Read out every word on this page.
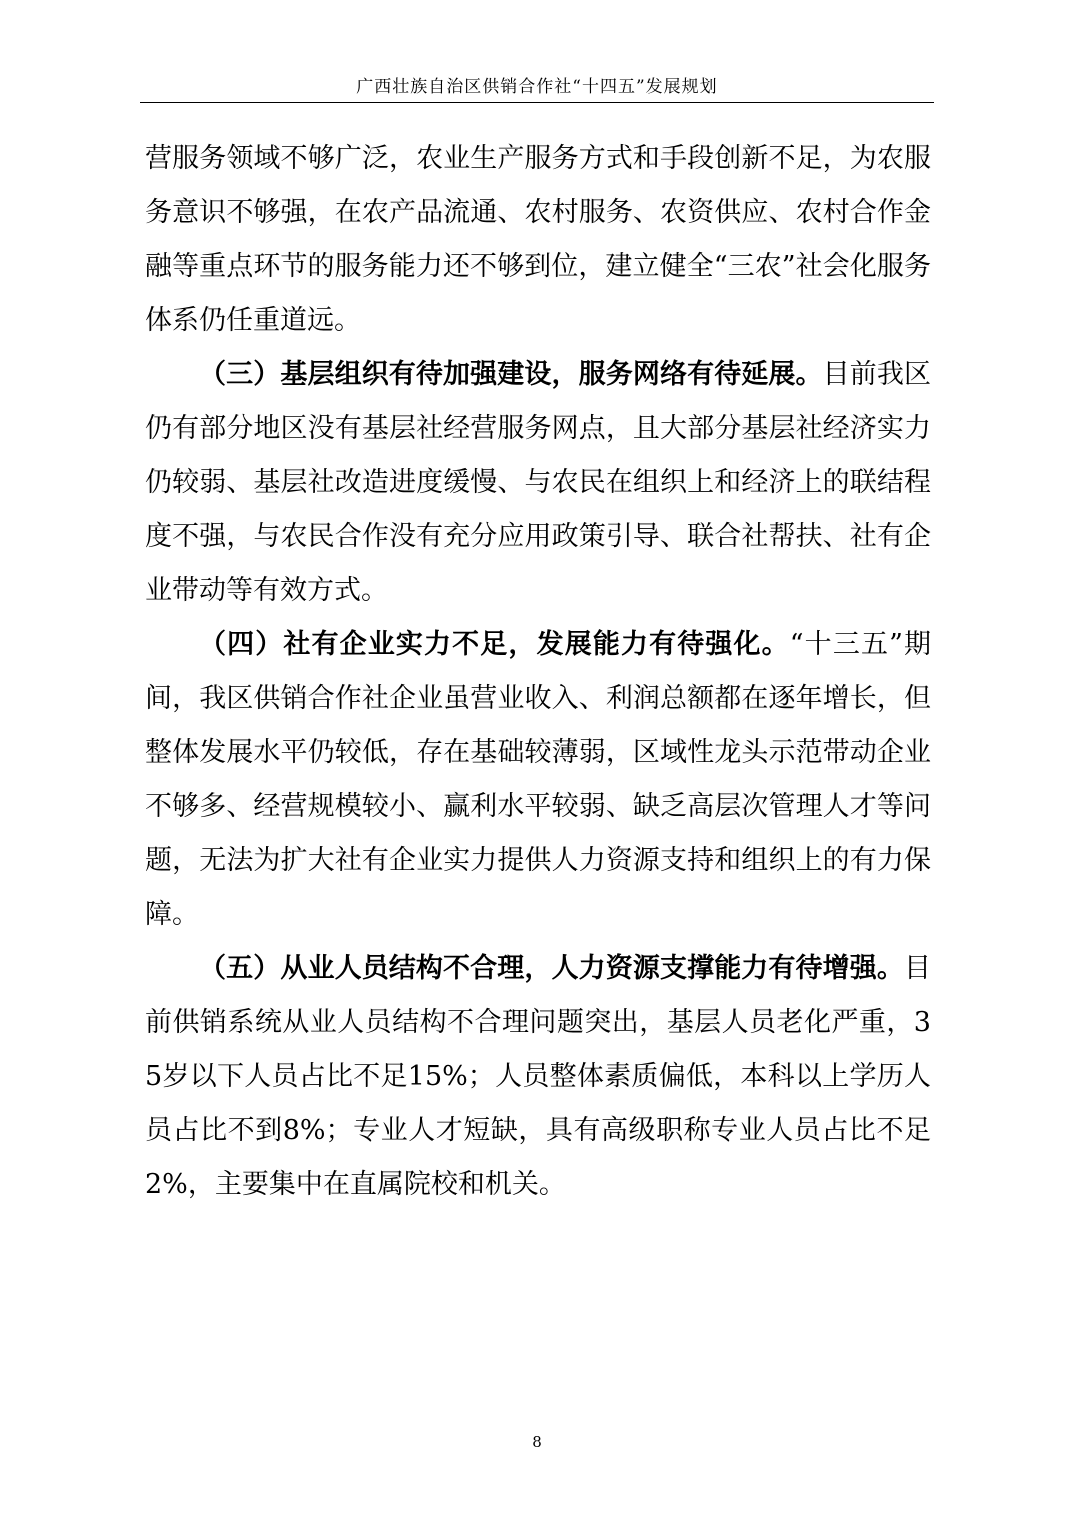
广西壮族自治区供销合作社“十四五”发展规划

营服务领域不够广泛，农业生产服务方式和手段创新不足，为农服务意识不够强，在农产品流通、农村服务、农资供应、农村合作金融等重点环节的服务能力还不够到位，建立健全“三农”社会化服务体系仍任重道远。

（三）基层组织有待加强建设，服务网络有待延展。目前我区仍有部分地区没有基层社经营服务网点，且大部分基层社经济实力仍较弱、基层社改造进度缓慢、与农民在组织上和经济上的联结程度不强，与农民合作没有充分应用政策引导、联合社帮扶、社有企业带动等有效方式。

（四）社有企业实力不足，发展能力有待强化。“十三五”期间，我区供销合作社企业虽营业收入、利润总额都在逐年增长，但整体发展水平仍较低，存在基础较薄弱，区域性龙头示范带动企业不够多、经营规模较小、赢利水平较弱、缺乏高层次管理人才等问题，无法为扩大社有企业实力提供人力资源支持和组织上的有力保障。

（五）从业人员结构不合理，人力资源支撑能力有待增强。目前供销系统从业人员结构不合理问题突出，基层人员老化严重，35岁以下人员占比不足15%；人员整体素质偏低，本科以上学历人员占比不到8%；专业人才短缺，具有高级职称专业人员占比不足2%，主要集中在直属院校和机关。

8
